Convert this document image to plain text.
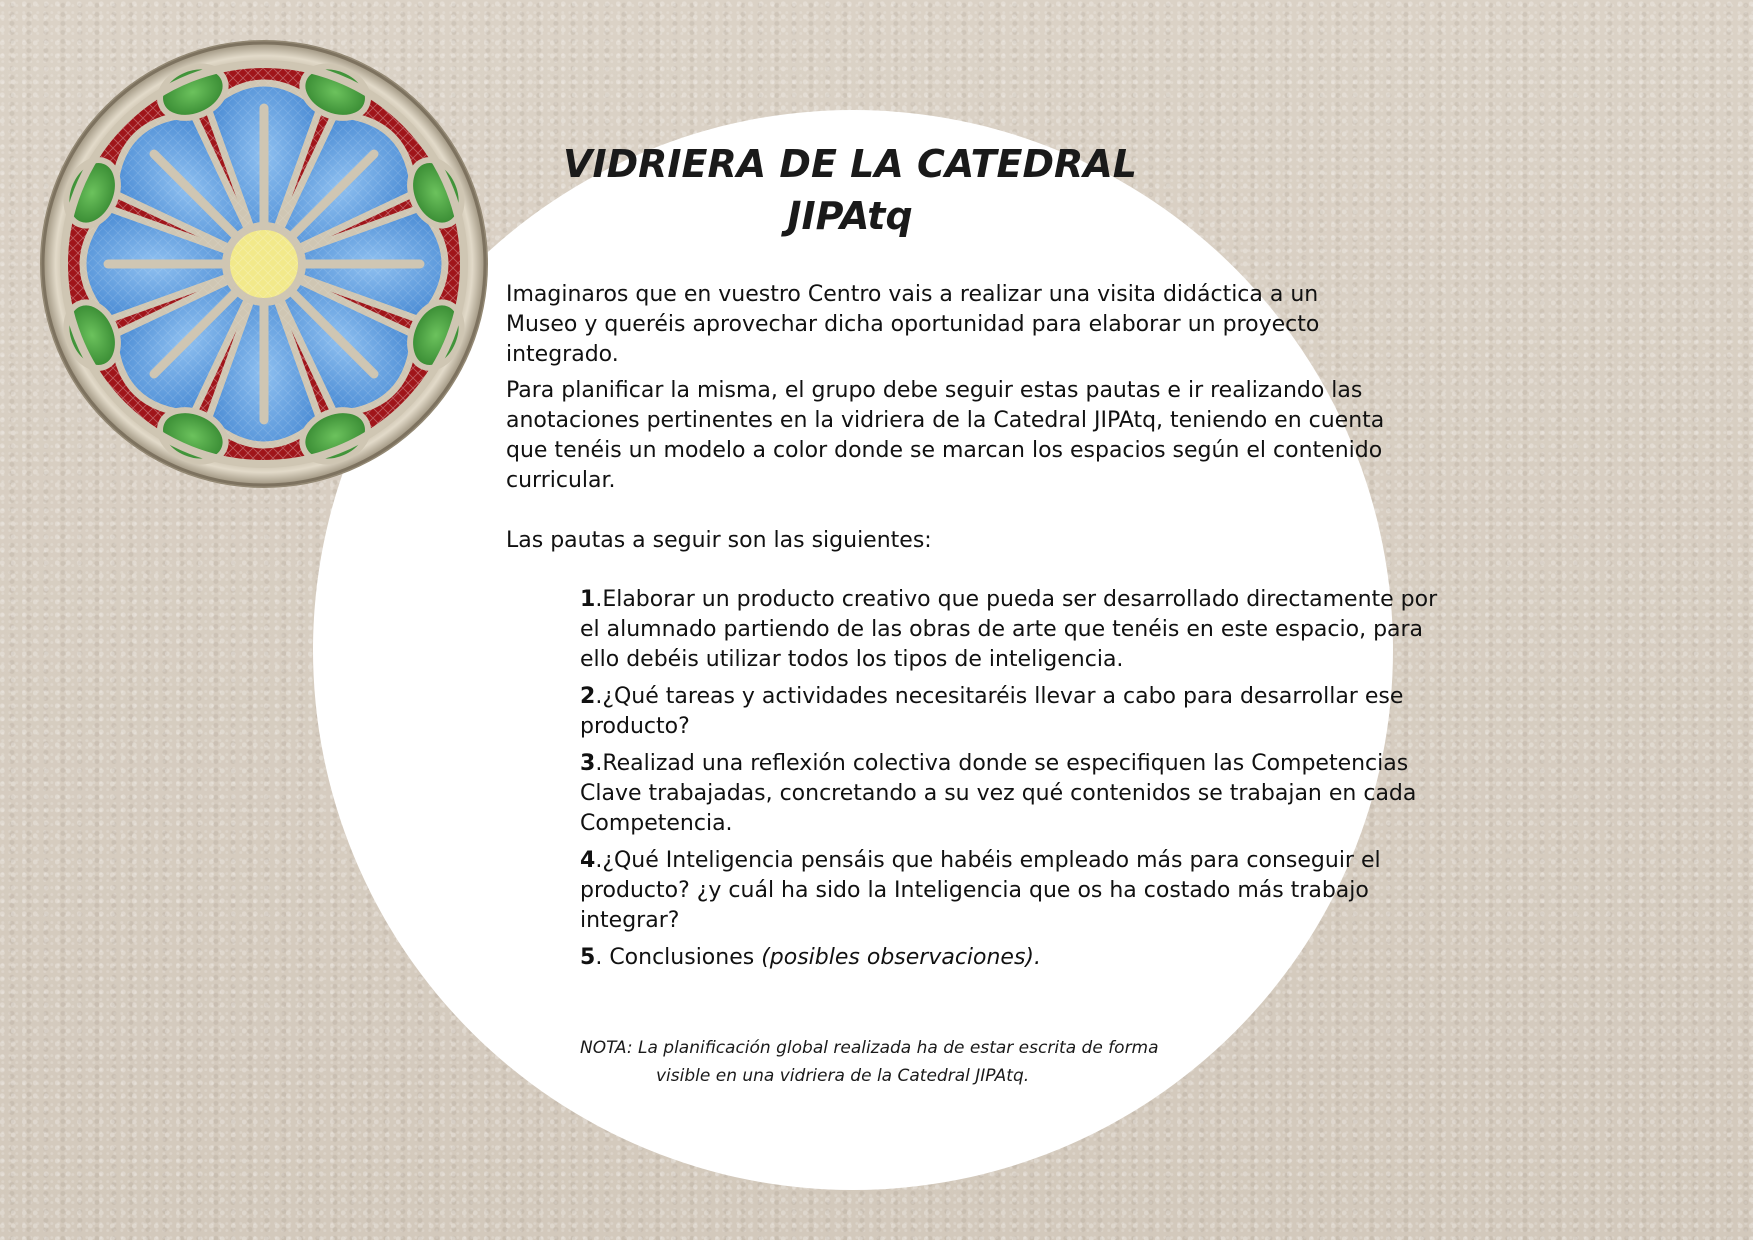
VIDRIERA DE LA CATEDRAL
JIPAtq

Imaginaros que en vuestro Centro vais a realizar una visita didáctica a un Museo y queréis aprovechar dicha oportunidad para elaborar un proyecto integrado.

Para planificar la misma, el grupo debe seguir estas pautas e ir realizando las anotaciones pertinentes en la vidriera de la Catedral JIPAtq, teniendo en cuenta que tenéis un modelo a color donde se marcan los espacios según el contenido curricular.

Las pautas a seguir son las siguientes:

1.Elaborar un producto creativo que pueda ser desarrollado directamente por el alumnado partiendo de las obras de arte que tenéis en este espacio, para ello debéis utilizar todos los tipos de inteligencia.

2.¿Qué tareas y actividades necesitaréis llevar a cabo para desarrollar ese producto?

3.Realizad una reflexión colectiva donde se especifiquen las Competencias Clave trabajadas, concretando a su vez qué contenidos se trabajan en cada Competencia.

4.¿Qué Inteligencia pensáis que habéis empleado más para conseguir el producto? ¿y cuál ha sido la Inteligencia que os ha costado más trabajo integrar?

5. Conclusiones (posibles observaciones).

NOTA: La planificación global realizada ha de estar escrita de forma
visible en una vidriera de la Catedral JIPAtq.
